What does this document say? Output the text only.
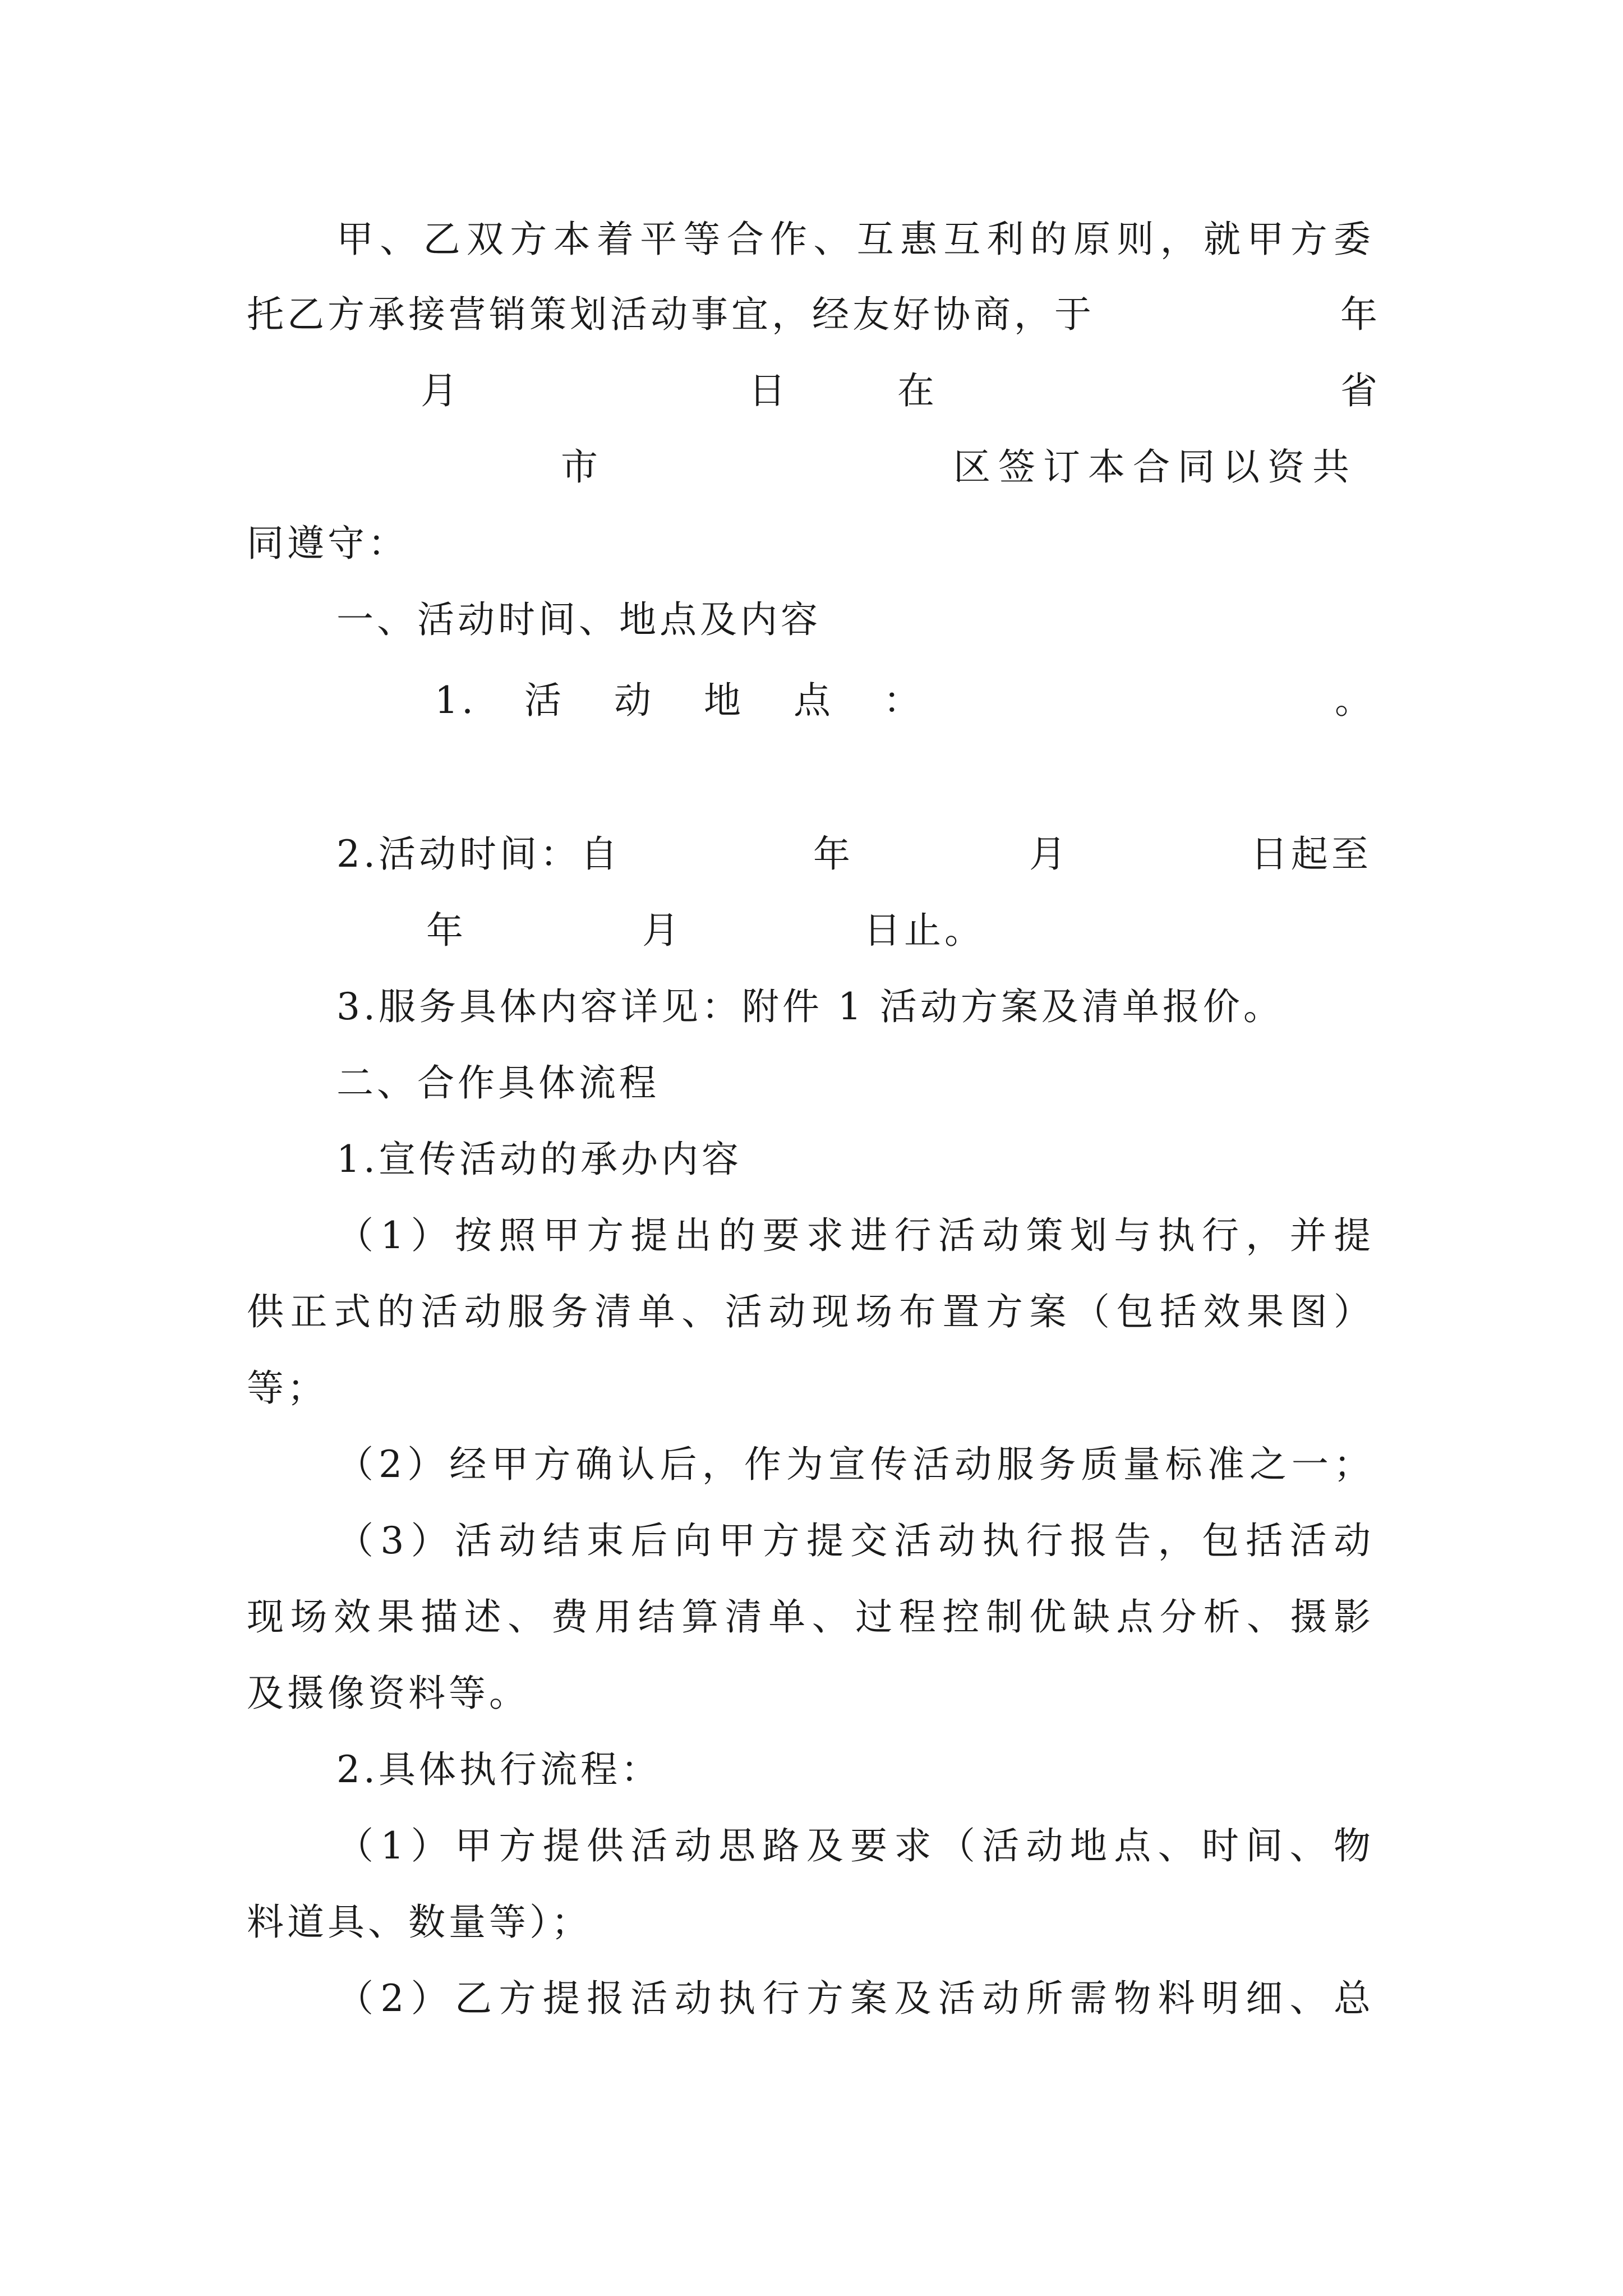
甲、乙双方本着平等合作、互惠互利的原则，就甲方委
托乙方承接营销策划活动事宜，经友好协商，于	年
月	日	在	省
市	区签订本合同以资共
同遵守：
一、活动时间、地点及内容
1. 活 动 地 点 ：	。
2.活动时间：自	年	月	日起至
年	月	日止。
3.服务具体内容详见：附件 1 活动方案及清单报价。
二、合作具体流程
1.宣传活动的承办内容
（1）按照甲方提出的要求进行活动策划与执行，并提
供正式的活动服务清单、活动现场布置方案（包括效果图）
等；
（2）经甲方确认后，作为宣传活动服务质量标准之一；
（3）活动结束后向甲方提交活动执行报告，包括活动
现场效果描述、费用结算清单、过程控制优缺点分析、摄影
及摄像资料等。
2.具体执行流程：
（1）甲方提供活动思路及要求（活动地点、时间、物
料道具、数量等）；
（2）乙方提报活动执行方案及活动所需物料明细、总
